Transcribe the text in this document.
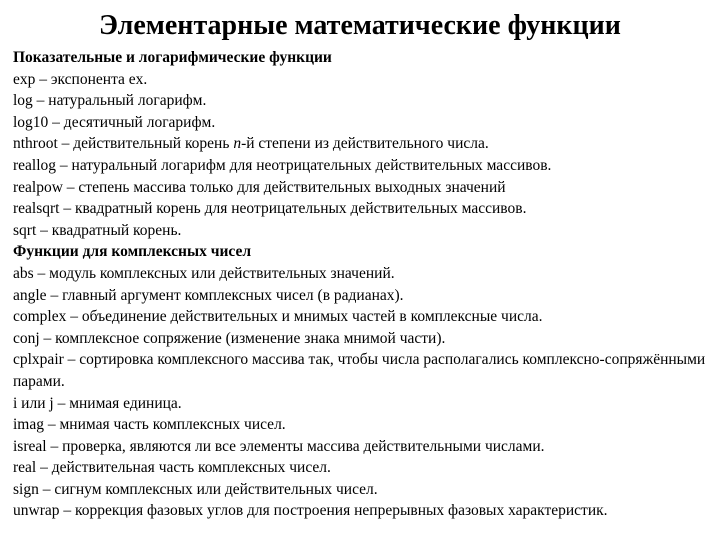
Элементарные математические функции
Показательные и логарифмические функции
exp – экспонента ex.
log – натуральный логарифм.
log10 – десятичный логарифм.
nthroot – действительный корень n-й степени из действительного числа.
reallog – натуральный логарифм для неотрицательных действительных массивов.
realpow – степень массива только для действительных выходных значений
realsqrt – квадратный корень для неотрицательных действительных массивов.
sqrt – квадратный корень.
Функции для комплексных чисел
abs – модуль комплексных или действительных значений.
angle – главный аргумент комплексных чисел (в радианах).
complex – объединение действительных и мнимых частей в комплексные числа.
conj – комплексное сопряжение (изменение знака мнимой части).
cplxpair – сортировка комплексного массива так, чтобы числа располагались комплексно-сопряжёнными парами.
i или j – мнимая единица.
imag – мнимая часть комплексных чисел.
isreal – проверка, являются ли все элементы массива действительными числами.
real – действительная часть комплексных чисел.
sign – сигнум комплексных или действительных чисел.
unwrap – коррекция фазовых углов для построения непрерывных фазовых характеристик.
